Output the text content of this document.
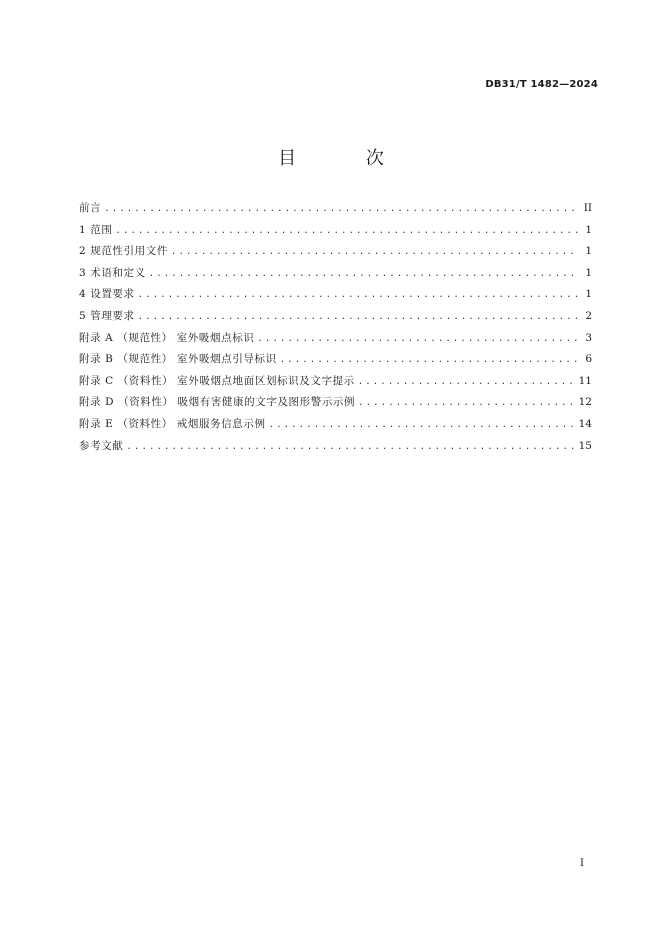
DB31/T 1482—2024
目 次
前言 .....	II
1 范围 .....	1
2 规范性引用文件 .....	1
3 术语和定义 .....	1
4 设置要求 .....	1
5 管理要求 .....	2
附录 A （规范性） 室外吸烟点标识 .....	3
附录 B （规范性） 室外吸烟点引导标识 .....	6
附录 C （资料性） 室外吸烟点地面区划标识及文字提示 .....	11
附录 D （资料性） 吸烟有害健康的文字及图形警示示例 .....	12
附录 E （资料性） 戒烟服务信息示例 .....	14
参考文献 .....	15
I
